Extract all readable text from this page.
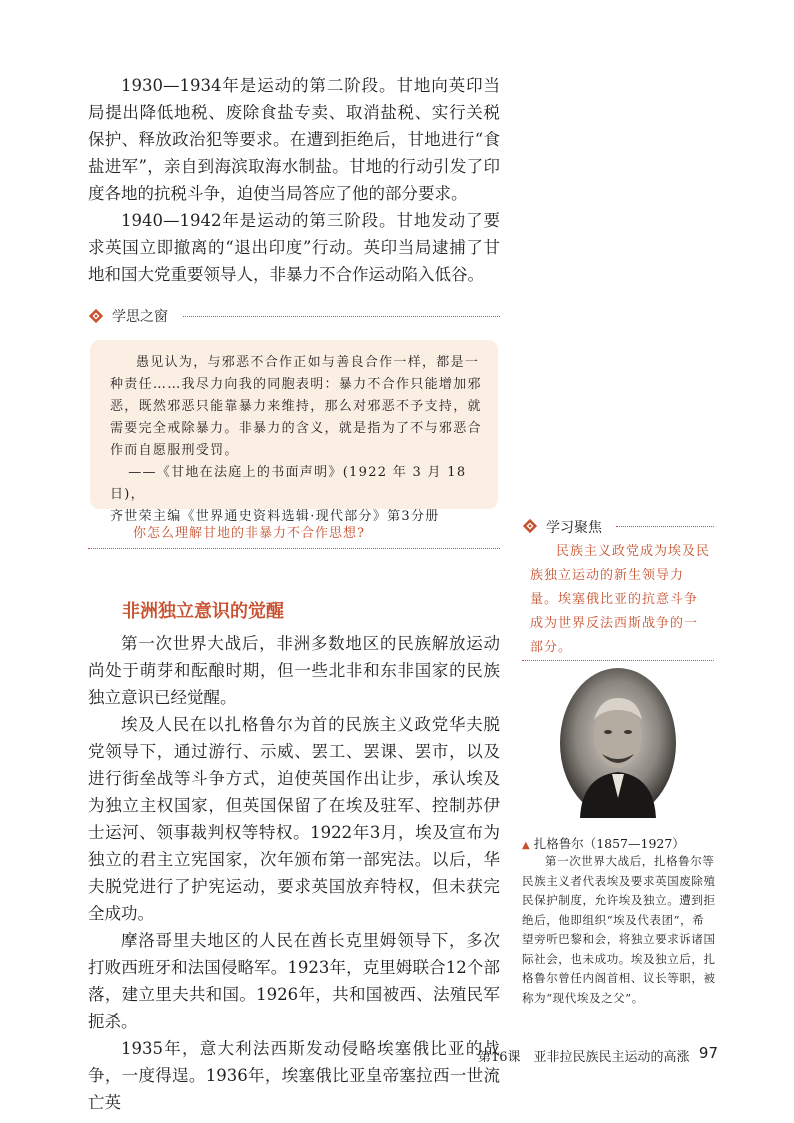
1930—1934年是运动的第二阶段。甘地向英印当局提出降低地税、废除食盐专卖、取消盐税、实行关税保护、释放政治犯等要求。在遭到拒绝后，甘地进行“食盐进军”，亲自到海滨取海水制盐。甘地的行动引发了印度各地的抗税斗争，迫使当局答应了他的部分要求。

1940—1942年是运动的第三阶段。甘地发动了要求英国立即撤离的“退出印度”行动。英印当局逮捕了甘地和国大党重要领导人，非暴力不合作运动陷入低谷。

学思之窗

愚见认为，与邪恶不合作正如与善良合作一样，都是一种责任……我尽力向我的同胞表明：暴力不合作只能增加邪恶，既然邪恶只能靠暴力来维持，那么对邪恶不予支持，就需要完全戒除暴力。非暴力的含义，就是指为了不与邪恶合作而自愿服刑受罚。

——《甘地在法庭上的书面声明》(1922 年 3 月 18日)，

齐世荣主编《世界通史资料选辑·现代部分》第3分册

你怎么理解甘地的非暴力不合作思想?
非洲独立意识的觉醒

第一次世界大战后，非洲多数地区的民族解放运动尚处于萌芽和酝酿时期，但一些北非和东非国家的民族独立意识已经觉醒。

埃及人民在以扎格鲁尔为首的民族主义政党华夫脱党领导下，通过游行、示威、罢工、罢课、罢市，以及进行街垒战等斗争方式，迫使英国作出让步，承认埃及为独立主权国家，但英国保留了在埃及驻军、控制苏伊士运河、领事裁判权等特权。1922年3月，埃及宣布为独立的君主立宪国家，次年颁布第一部宪法。以后，华夫脱党进行了护宪运动，要求英国放弃特权，但未获完全成功。

摩洛哥里夫地区的人民在酋长克里姆领导下，多次打败西班牙和法国侵略军。1923年，克里姆联合12个部落，建立里夫共和国。1926年，共和国被西、法殖民军扼杀。

1935年，意大利法西斯发动侵略埃塞俄比亚的战争，一度得逞。1936年，埃塞俄比亚皇帝塞拉西一世流亡英

学习聚焦

民族主义政党成为埃及民族独立运动的新生领导力量。埃塞俄比亚的抗意斗争成为世界反法西斯战争的一部分。

▲ 扎格鲁尔（1857—1927）

第一次世界大战后，扎格鲁尔等民族主义者代表埃及要求英国废除殖民保护制度，允许埃及独立。遭到拒绝后，他即组织“埃及代表团”，希望旁听巴黎和会，将独立要求诉诸国际社会，也未成功。埃及独立后，扎格鲁尔曾任内阁首相、议长等职，被称为“现代埃及之父”。

第16课　亚非拉民族民主运动的高涨 97
